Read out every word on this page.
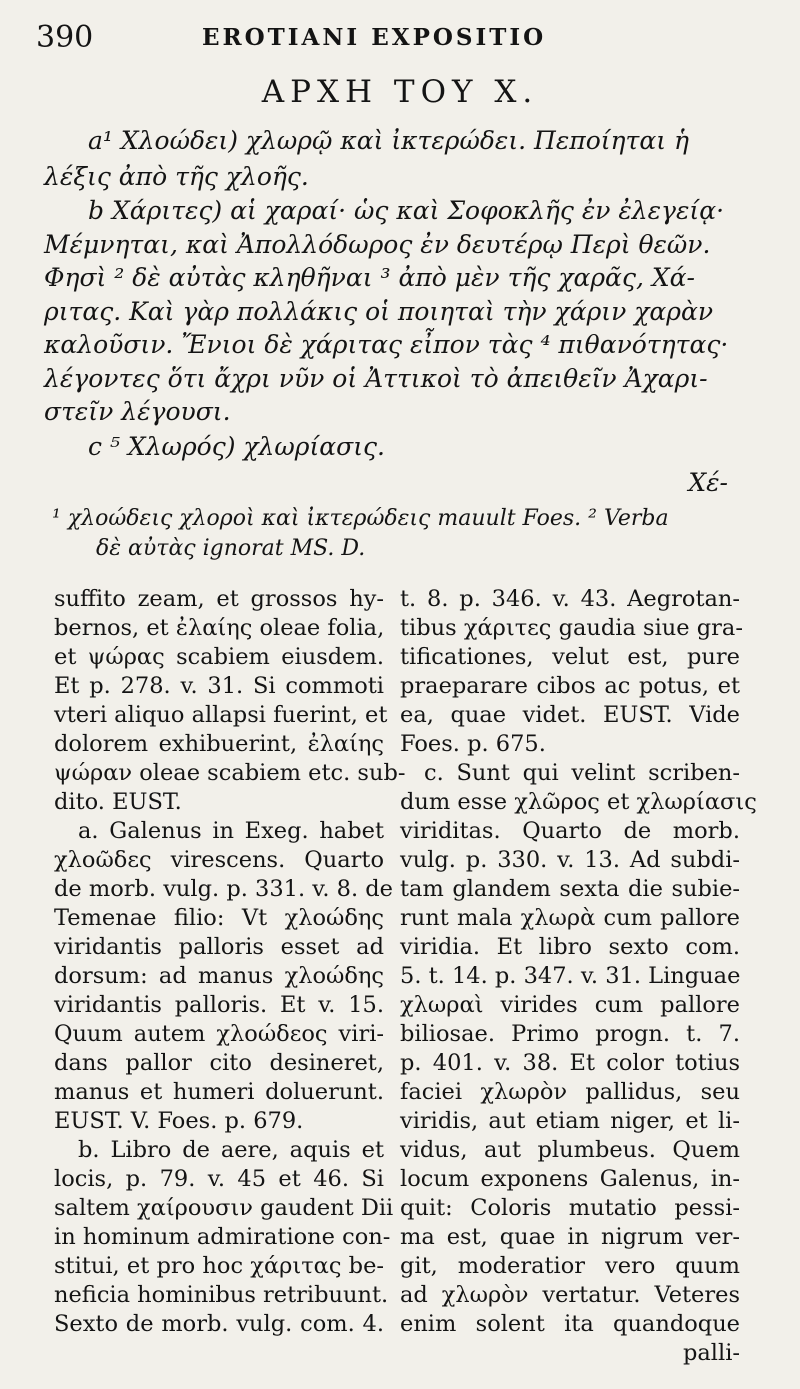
390	EROTIANI EXPOSITIO
ΑΡΧΗ ΤΟΥ Χ.
a¹ Χλοώδει) χλωρῷ καὶ ἰκτερώδει. Πεποίηται ἡ
λέξις ἀπὸ τῆς χλοῆς.
b Χάριτες) αἱ χαραί· ὡς καὶ Σοφοκλῆς ἐν ἐλεγείᾳ·
Μέμνηται, καὶ Ἀπολλόδωρος ἐν δευτέρῳ Περὶ θεῶν.
Φησὶ ² δὲ αὐτὰς κληθῆναι ³ ἀπὸ μὲν τῆς χαρᾶς, Χά-
ριτας. Καὶ γὰρ πολλάκις οἱ ποιηταὶ τὴν χάριν χαρὰν
καλοῦσιν. Ἔνιοι δὲ χάριτας εἶπον τὰς ⁴ πιθανότητας·
λέγοντες ὅτι ἄχρι νῦν οἱ Ἀττικοὶ τὸ ἀπειθεῖν Ἀχαρι-
στεῖν λέγουσι.
c ⁵ Χλωρός) χλωρίασις.
Χέ-
¹ χλοώδεις χλοροὶ καὶ ἰκτερώδεις mauult Foes. ² Verba
δὲ αὐτὰς ignorat MS. D.
suffito zeam, et grossos hy-
bernos, et ἐλαίης oleae folia,
et ψώρας scabiem eiusdem.
Et p. 278. v. 31. Si commoti
vteri aliquo allapsi fuerint, et
dolorem exhibuerint, ἐλαίης
ψώραν oleae scabiem etc. sub-
dito. EUST.
a. Galenus in Exeg. habet
χλοῶδες virescens. Quarto
de morb. vulg. p. 331. v. 8. de
Temenae filio: Vt χλοώδης
viridantis palloris esset ad
dorsum: ad manus χλοώδης
viridantis palloris. Et v. 15.
Quum autem χλοώδεος viri-
dans pallor cito desineret,
manus et humeri doluerunt.
EUST. V. Foes. p. 679.
b. Libro de aere, aquis et
locis, p. 79. v. 45 et 46. Si
saltem χαίρουσιν gaudent Dii
in hominum admiratione con-
stitui, et pro hoc χάριτας be-
neficia hominibus retribuunt.
Sexto de morb. vulg. com. 4.
t. 8. p. 346. v. 43. Aegrotan-
tibus χάριτες gaudia siue gra-
tificationes, velut est, pure
praeparare cibos ac potus, et
ea, quae videt. EUST. Vide
Foes. p. 675.
c. Sunt qui velint scriben-
dum esse χλῶρος et χλωρίασις
viriditas. Quarto de morb.
vulg. p. 330. v. 13. Ad subdi-
tam glandem sexta die subie-
runt mala χλωρὰ cum pallore
viridia. Et libro sexto com.
5. t. 14. p. 347. v. 31. Linguae
χλωραὶ virides cum pallore
biliosae. Primo progn. t. 7.
p. 401. v. 38. Et color totius
faciei χλωρὸν pallidus, seu
viridis, aut etiam niger, et li-
vidus, aut plumbeus. Quem
locum exponens Galenus, in-
quit: Coloris mutatio pessi-
ma est, quae in nigrum ver-
git, moderatior vero quum
ad χλωρὸν vertatur. Veteres
enim solent ita quandoque
palli-
